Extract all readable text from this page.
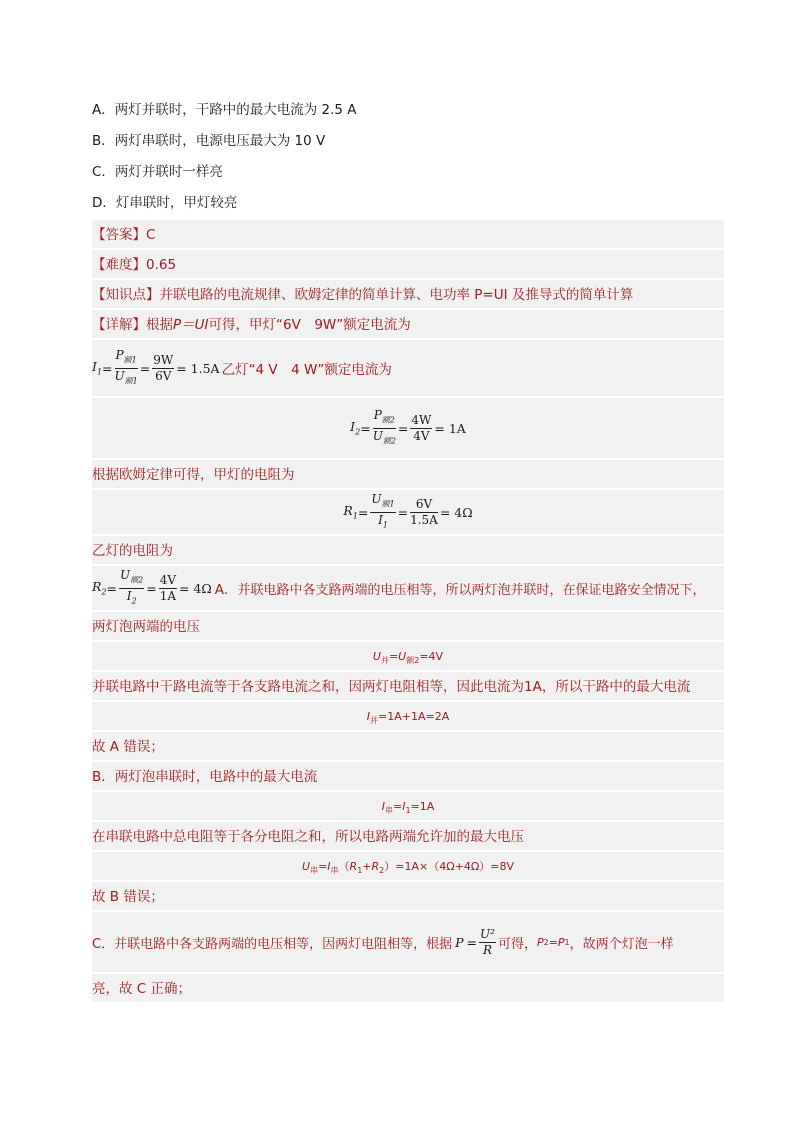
A．两灯并联时，干路中的最大电流为 2.5 A
B．两灯串联时，电源电压最大为 10 V
C．两灯并联时一样亮
D．灯串联时，甲灯较亮
【答案】C
【难度】0.65
【知识点】并联电路的电流规律、欧姆定律的简单计算、电功率 P=UI 及推导式的简单计算
【详解】根据P＝UI可得，甲灯“6V　9W”额定电流为
$I_1 = \frac{P_{额1}}{U_{额1}} = \frac{9W}{6V} = 1.5A$ 乙灯 “4 V　4 W” 额定电流为
$I_2 = \frac{P_{额2}}{U_{额2}} = \frac{4W}{4V} = 1A$
根据欧姆定律可得，甲灯的电阻为
$R_1 = \frac{U_{额1}}{I_1} = \frac{6V}{1.5A} = 4\Omega$
乙灯的电阻为
$R_2 = \frac{U_{额2}}{I_2} = \frac{4V}{1A} = 4\Omega$ A． 并联电路中各支路两端的电压相等，所以两灯泡并联时，在保证电路安全情况下，
两灯泡两端的电压
$U_并=U_{额2}=4V$
并联电路中干路电流等于各支路电流之和，因两灯电阻相等，因此电流为1A，所以干路中的最大电流
$I_并=1A+1A=2A$
故 A 错误；
B．两灯泡串联时，电路中的最大电流
$I_串=I_1=1A$
在串联电路中总电阻等于各分电阻之和，所以电路两端允许加的最大电压
$U_串=I_串(R_1+R_2)=1A\times(4\Omega+4\Omega)=8V$
故 B 错误；
C． 并联电路中各支路两端的电压相等，因两灯电阻相等，根据 $P = \frac{\text{U²}}{R}$ 可得， P 2 = P 1 ，故两个灯泡一样
亮，故 C 正确；
